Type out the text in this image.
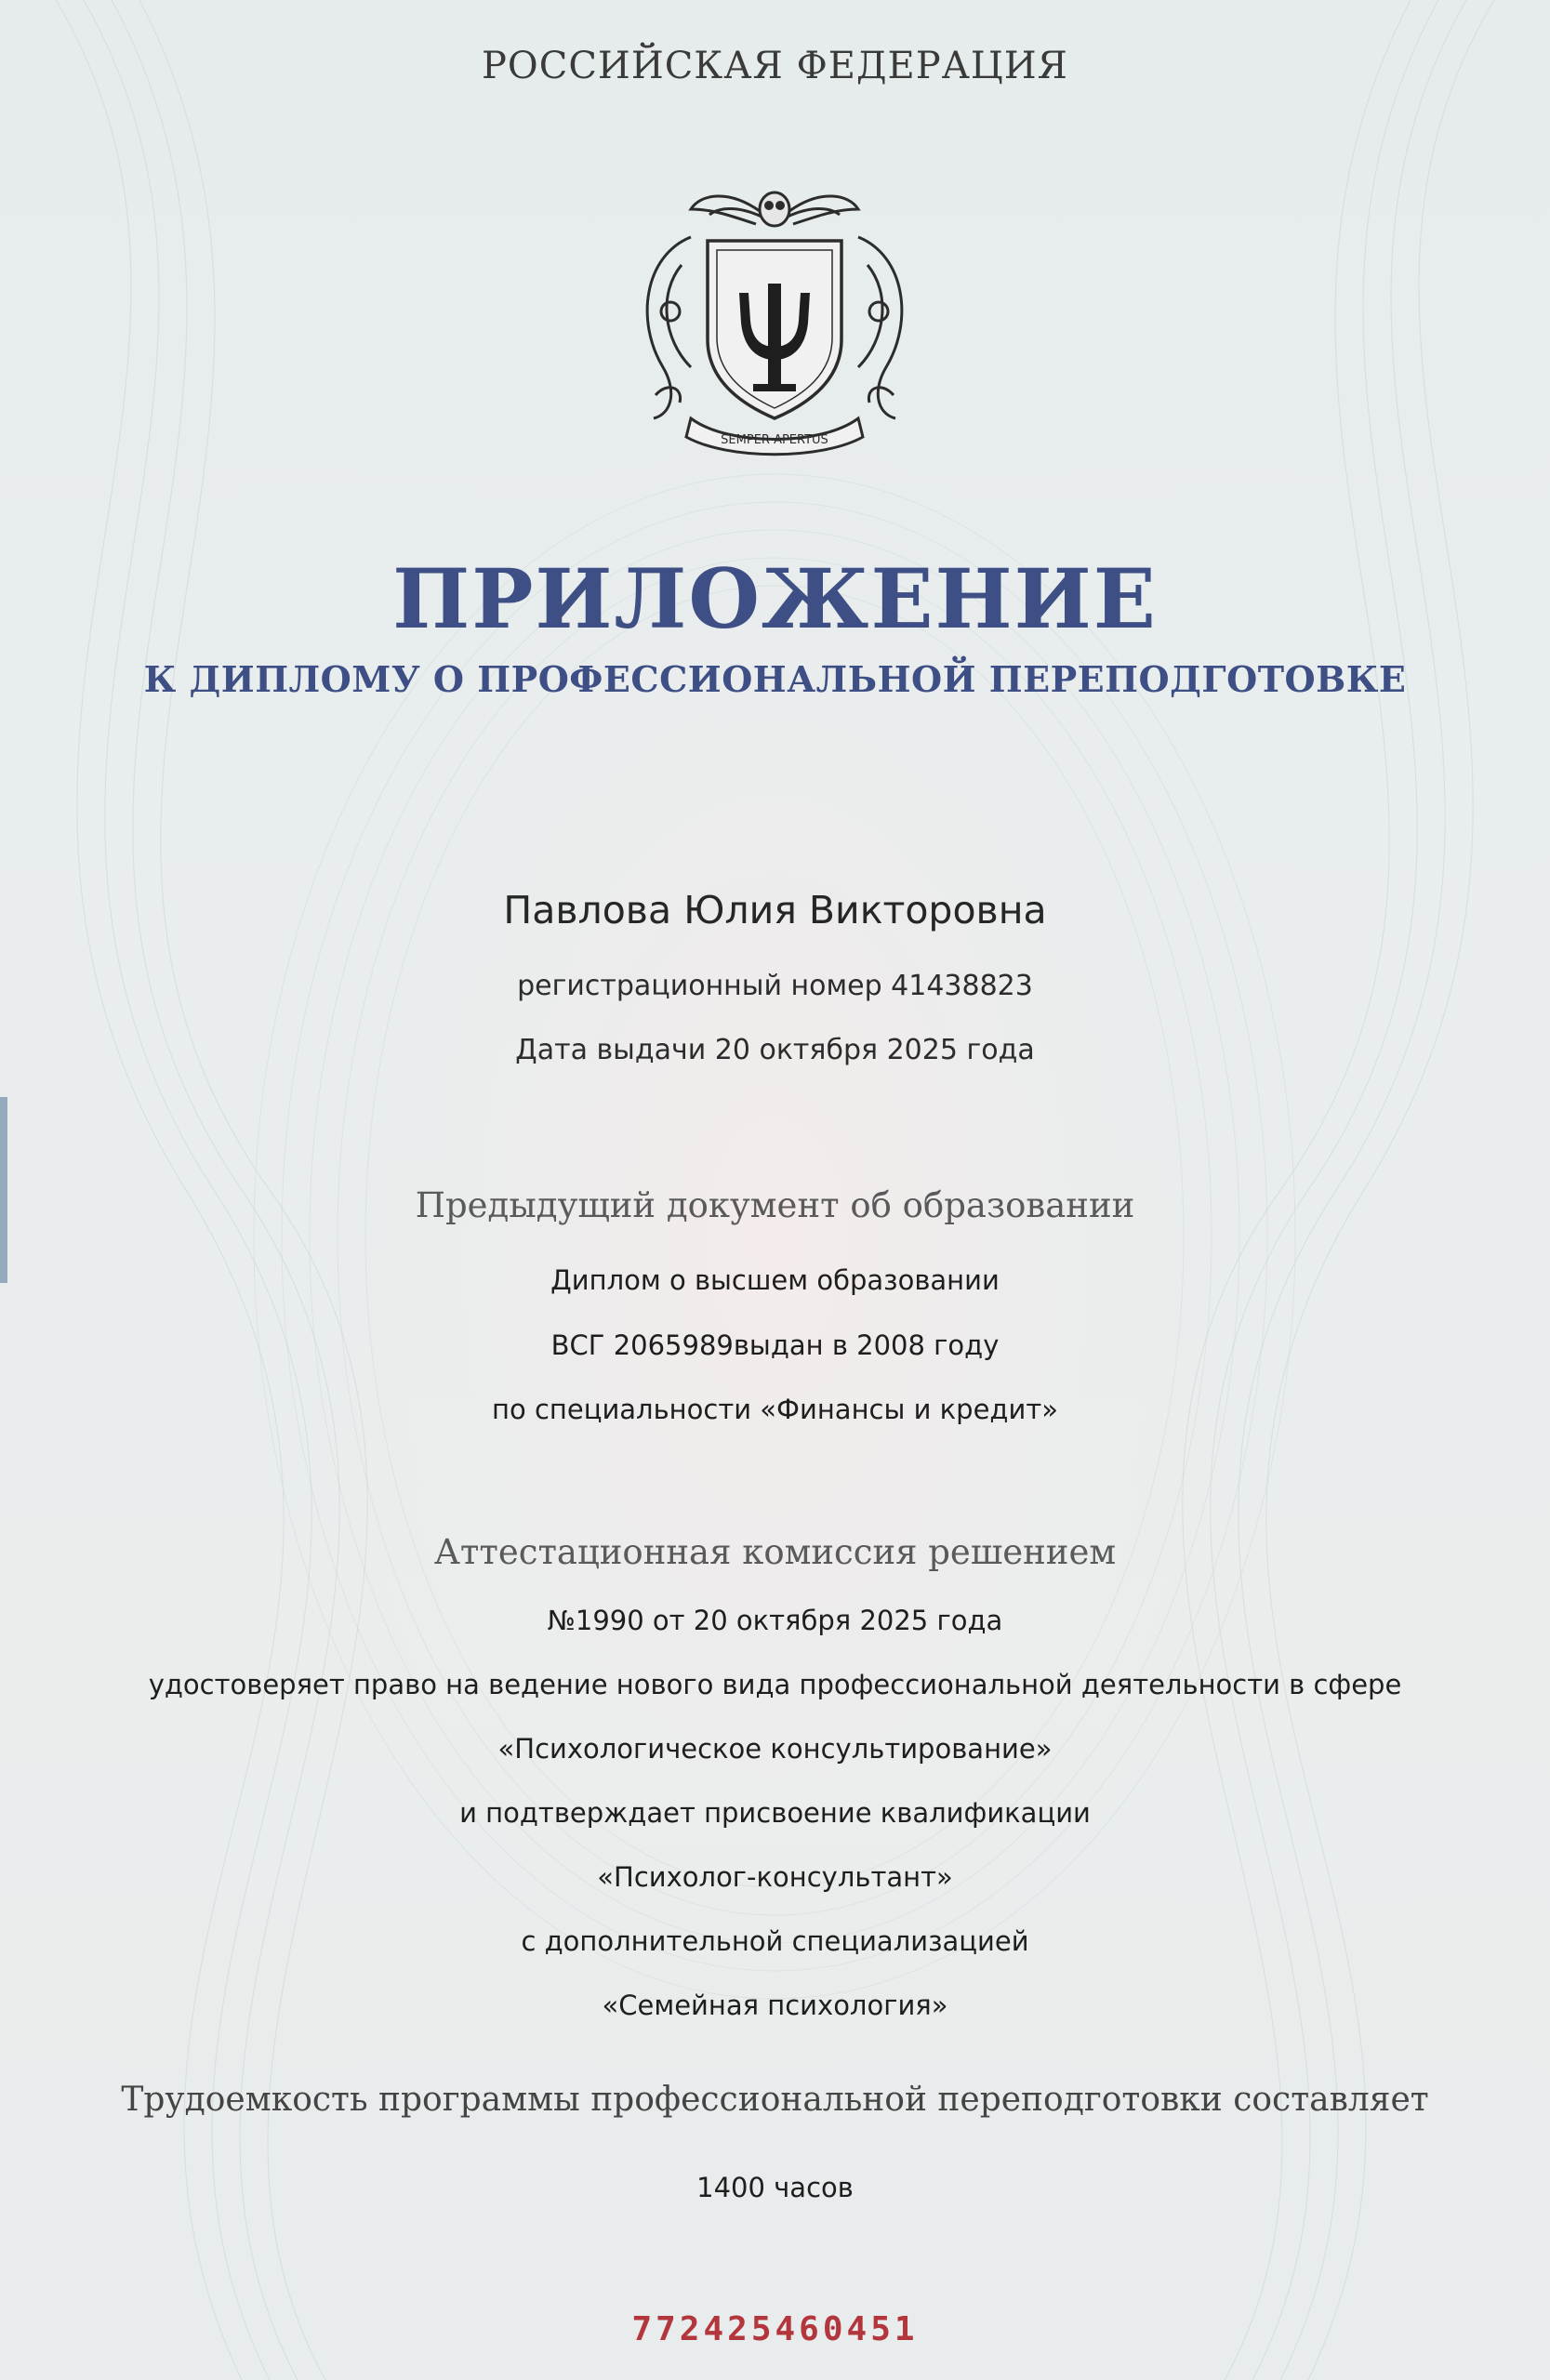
РОССИЙСКАЯ ФЕДЕРАЦИЯ
SEMPER APERTUS
ПРИЛОЖЕНИЕ
К ДИПЛОМУ О ПРОФЕССИОНАЛЬНОЙ ПЕРЕПОДГОТОВКЕ
Павлова Юлия Викторовна
регистрационный номер 41438823
Дата выдачи 20 октября 2025 года
Предыдущий документ об образовании
Диплом о высшем образовании
ВСГ 2065989выдан в 2008 году
по специальности «Финансы и кредит»
Аттестационная комиссия решением
№1990 от 20 октября 2025 года
удостоверяет право на ведение нового вида профессиональной деятельности в сфере
«Психологическое консультирование»
и подтверждает присвоение квалификации
«Психолог-консультант»
с дополнительной специализацией
«Семейная психология»
Трудоемкость программы профессиональной переподготовки составляет
1400 часов
772425460451
